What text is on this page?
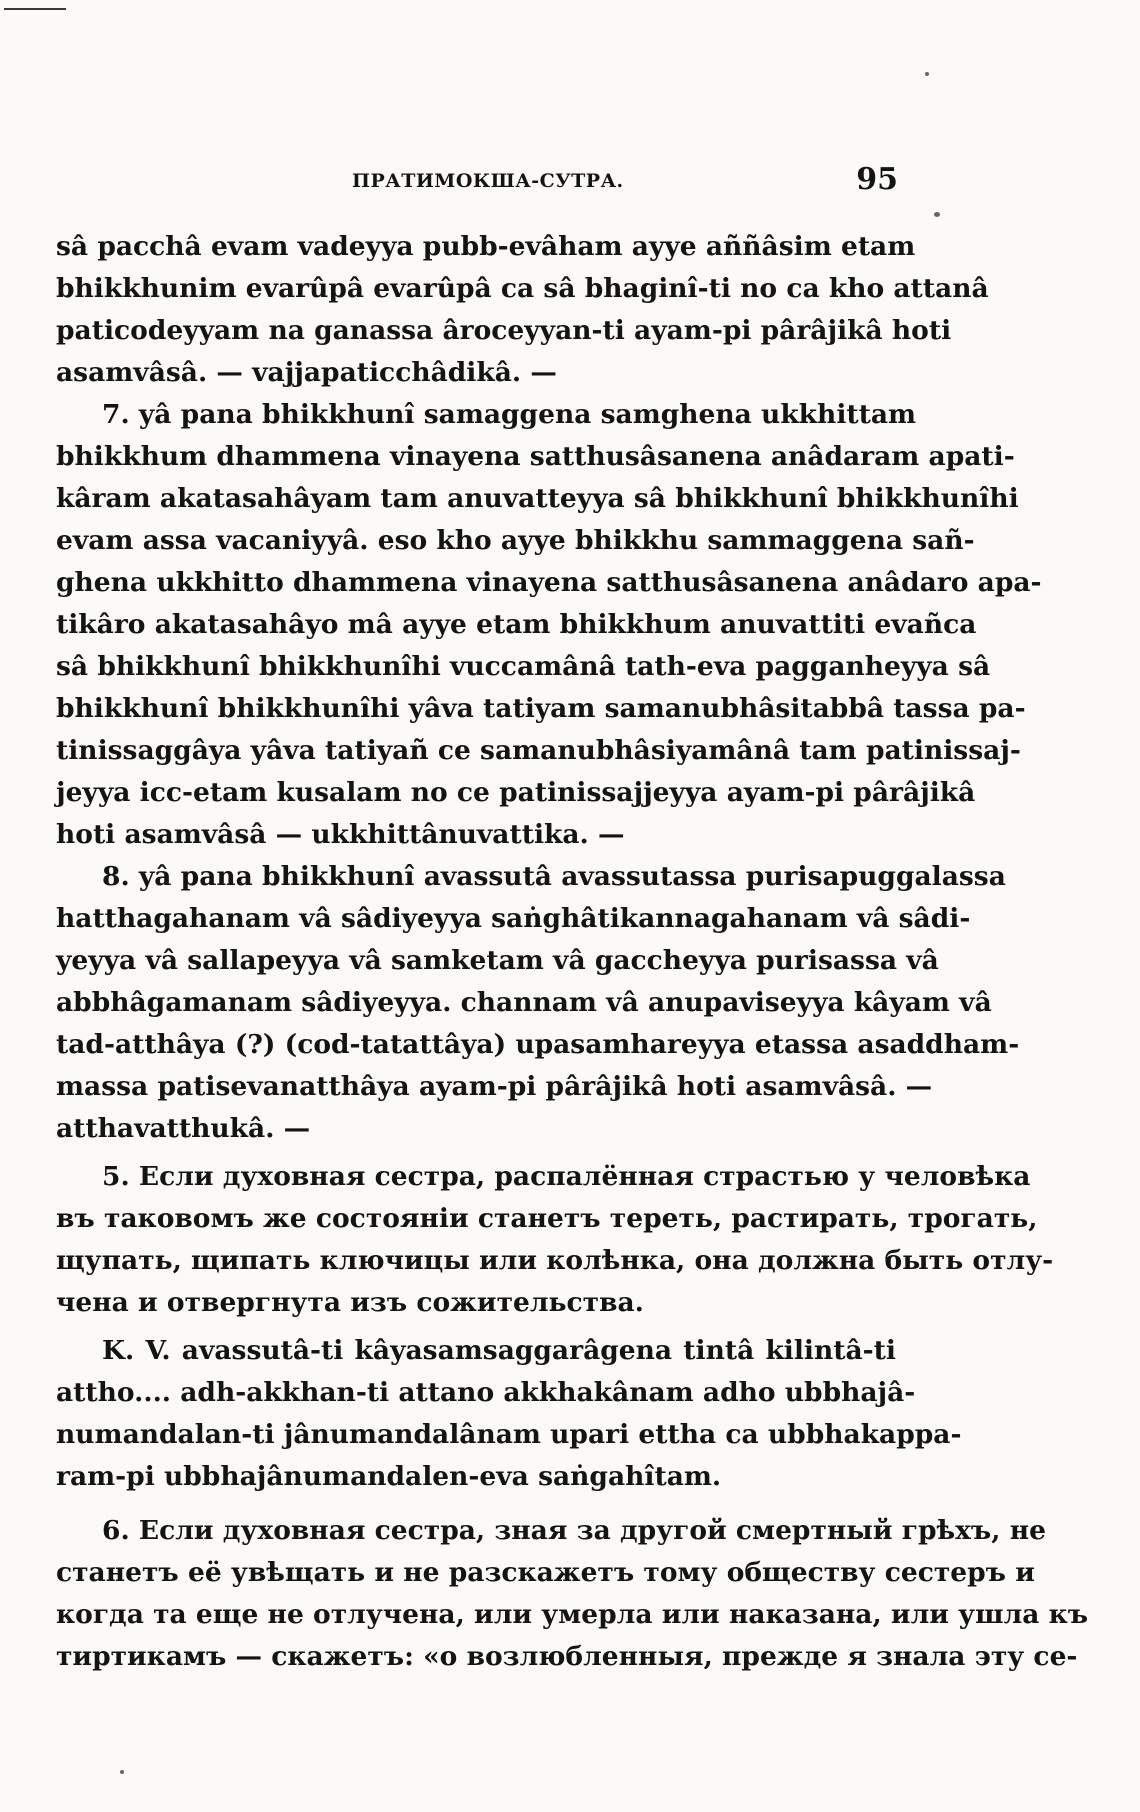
ПРАТИМОКША-СУТРА.	95
sâ pacchâ evam vadeyya pubb-evâham ayye aññâsim etam
bhikkhunim evarûpâ evarûpâ ca sâ bhaginî-ti no ca kho attanâ
paticodeyyam na ganassa âroceyyan-ti ayam-pi pârâjikâ hoti
asamvâsâ. — vajjapaticchâdikâ. —
7. yâ pana bhikkhunî samaggena samghena ukkhittam
bhikkhum dhammena vinayena satthusâsanena anâdaram apati-
kâram akatasahâyam tam anuvatteyya sâ bhikkhunî bhikkhunîhi
evam assa vacaniyyâ. eso kho ayye bhikkhu sammaggena sañ-
ghena ukkhitto dhammena vinayena satthusâsanena anâdaro apa-
tikâro akatasahâyo mâ ayye etam bhikkhum anuvattiti evañca
sâ bhikkhunî bhikkhunîhi vuccamânâ tath-eva pagganheyya sâ
bhikkhunî bhikkhunîhi yâva tatiyam samanubhâsitabbâ tassa pa-
tinissaggâya yâva tatiyañ ce samanubhâsiyamânâ tam patinissaj-
jeyya icc-etam kusalam no ce patinissajjeyya ayam-pi pârâjikâ
hoti asamvâsâ — ukkhittânuvattika. —
8. yâ pana bhikkhunî avassutâ avassutassa purisapuggalassa
hatthagahanam vâ sâdiyeyya saṅghâtikannagahanam vâ sâdi-
yeyya vâ sallapeyya vâ samketam vâ gaccheyya purisassa vâ
abbhâgamanam sâdiyeyya. channam vâ anupaviseyya kâyam vâ
tad-atthâya (?) (cod-tatattâya) upasamhareyya etassa asaddham-
massa patisevanatthâya ayam-pi pârâjikâ hoti asamvâsâ. —
atthavatthukâ. —
5. Если духовная сестра, распалённая страстью у человѣка
въ таковомъ же состояніи станетъ тереть, растирать, трогать,
щупать, щипать ключицы или колѣнка, она должна быть отлу-
чена и отвергнута изъ сожительства.
K. V. avassutâ-ti kâyasamsaggarâgena tintâ kilintâ-ti
attho.... adh-akkhan-ti attano akkhakânam adho ubbhajâ-
numandalan-ti jânumandalânam upari ettha ca ubbhakappa-
ram-pi ubbhajânumandalen-eva saṅgahîtam.
6. Если духовная сестра, зная за другой смертный грѣхъ, не
станетъ её увѣщать и не разскажетъ тому обществу сестеръ и
когда та еще не отлучена, или умерла или наказана, или ушла къ
тиртикамъ — скажетъ: «о возлюбленныя, прежде я знала эту се-
